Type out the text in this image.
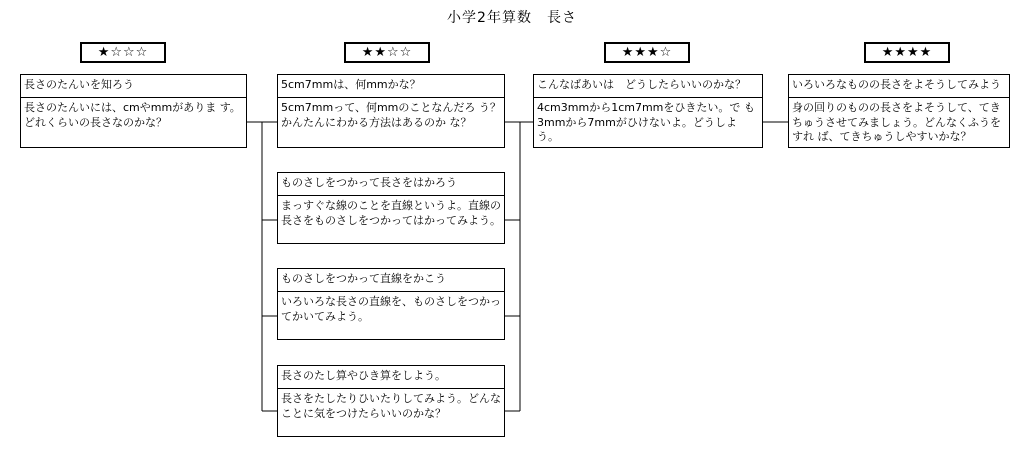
小学2年算数　長さ
★☆☆☆	★★☆☆	★★★☆	★★★★
長さのたんいを知ろう
長さのたんいには、cmやmmがありま す。どれくらいの長さなのかな？
5cm7mmは、何mmかな？
5cm7mmって、何mmのことなんだろ う？かんたんにわかる方法はあるのか な？
ものさしをつかって長さをはかろう
まっすぐな線のことを直線というよ。直線の 長さをものさしをつかってはかってみよう。
ものさしをつかって直線をかこう
いろいろな長さの直線を、ものさしをつかっ てかいてみよう。
長さのたし算やひき算をしよう。
長さをたしたりひいたりしてみよう。どんな ことに気をつけたらいいのかな？
こんなばあいは　どうしたらいいのかな？
4cm3mmから1cm7mmをひきたい。で も3mmから7mmがひけないよ。どうしよ う。
いろいろなものの長さをよそうしてみよう
身の回りのものの長さをよそうして、てき ちゅうさせてみましょう。どんなくふうをすれ ば、てきちゅうしやすいかな？
